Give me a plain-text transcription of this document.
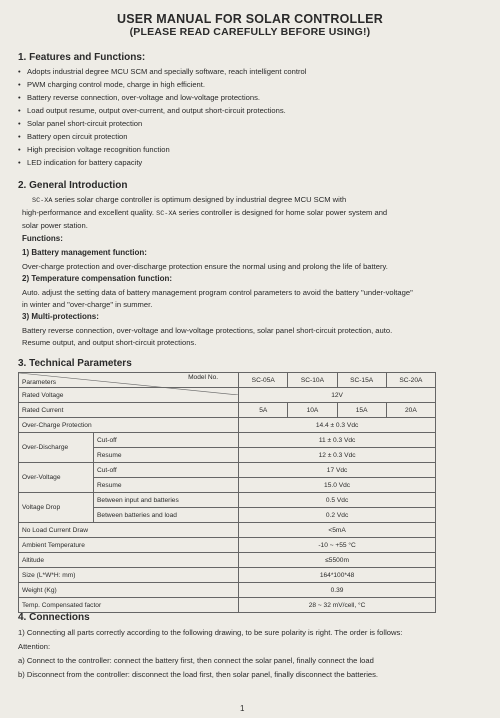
USER MANUAL FOR SOLAR CONTROLLER
(PLEASE READ CAREFULLY BEFORE USING!)
1. Features and Functions:
• Adopts industrial degree MCU SCM and specially software, reach intelligent control
• PWM charging control mode, charge in high efficient.
• Battery reverse connection, over-voltage and low-voltage protections.
• Load output resume, output over-current, and output short-circuit protections.
• Solar panel short-circuit protection
• Battery open circuit protection
• High precision voltage recognition function
• LED indication for battery capacity
2. General Introduction
SC-XA series solar charge controller is optimum designed by industrial degree MCU SCM with
high-performance and excellent quality. SC-XA series controller is designed for home solar power system and
solar power station.
Functions:
1) Battery management function:
Over-charge protection and over-discharge protection ensure the normal using and prolong the life of battery.
2) Temperature compensation function:
Auto. adjust the setting data of battery management program control parameters to avoid the battery "under-voltage"
in winter and "over-charge" in summer.
3) Multi-protections:
Battery reverse connection, over-voltage and low-voltage protections, solar panel short-circuit protection, auto.
Resume output, and output short-circuit protections.
3. Technical Parameters
Model No.
Parameters		SC-05A	SC-10A	SC-15A	SC-20A
Rated Voltage		12V			
Rated Current		5A	10A	15A	20A
Over-Charge Protection		14.4 ± 0.3 Vdc			
Over-Discharge	Cut-off	11 ± 0.3 Vdc			
	Resume	12 ± 0.3 Vdc			
Over-Voltage	Cut-off	17 Vdc			
	Resume	15.0 Vdc			
Voltage Drop	Between input and batteries	0.5 Vdc			
	Between batteries and load	0.2 Vdc			
No Load Current Draw		<5mA			
Ambient Temperature		-10 ~ +55 °C			
Altitude		≤5500m			
Size (L*W*H: mm)		164*100*48			
Weight (Kg)		0.39			
Temp. Compensated factor		28 ~ 32 mV/cell, °C			
4. Connections
1) Connecting all parts correctly according to the following drawing, to be sure polarity is right. The order is follows:
Attention:
a) Connect to the controller: connect the battery first, then connect the solar panel, finally connect the load
b) Disconnect from the controller: disconnect the load first, then solar panel, finally disconnect the batteries.
1
